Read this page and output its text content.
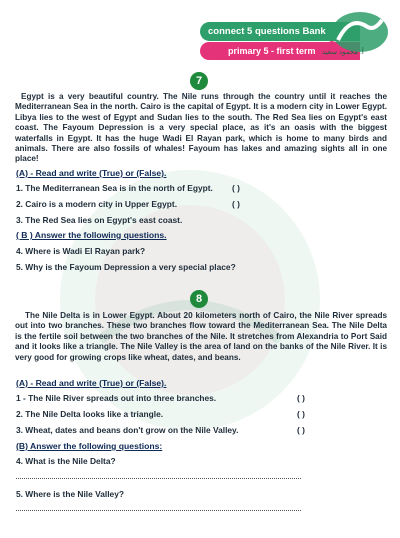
connect 5 questions Bank
primary 5 - first term أ. محمود سعيد
7
Egypt is a very beautiful country. The Nile runs through the country until it reaches the Mediterranean Sea in the north. Cairo is the capital of Egypt. It is a modern city in Lower Egypt. Libya lies to the west of Egypt and Sudan lies to the south. The Red Sea lies on Egypt's east coast. The Fayoum Depression is a very special place, as it's an oasis with the biggest waterfalls in Egypt. It has the huge Wadi El Rayan park, which is home to many birds and animals. There are also fossils of whales! Fayoum has lakes and amazing sights all in one place!
(A) - Read and write (True) or (False).
1. The Mediterranean Sea is in the north of Egypt. ( )
2. Cairo is a modern city in Upper Egypt.	( )
3. The Red Sea lies on Egypt's east coast.
( B ) Answer the following questions.
4. Where is Wadi El Rayan park?
5. Why is the Fayoum Depression a very special place?
8
The Nile Delta is in Lower Egypt. About 20 kilometers north of Cairo, the Nile River spreads out into two branches. These two branches flow toward the Mediterranean Sea. The Nile Delta is the fertile soil between the two branches of the Nile. It stretches from Alexandria to Port Said and it looks like a triangle. The Nile Valley is the area of land on the banks of the Nile River. It is very good for growing crops like wheat, dates, and beans.
(A) - Read and write (True) or (False).
1 - The Nile River spreads out into three branches.	( )
2. The Nile Delta looks like a triangle.	( )
3. Wheat, dates and beans don't grow on the Nile Valley.	( )
(B) Answer the following questions:
4. What is the Nile Delta?
5. Where is the Nile Valley?
